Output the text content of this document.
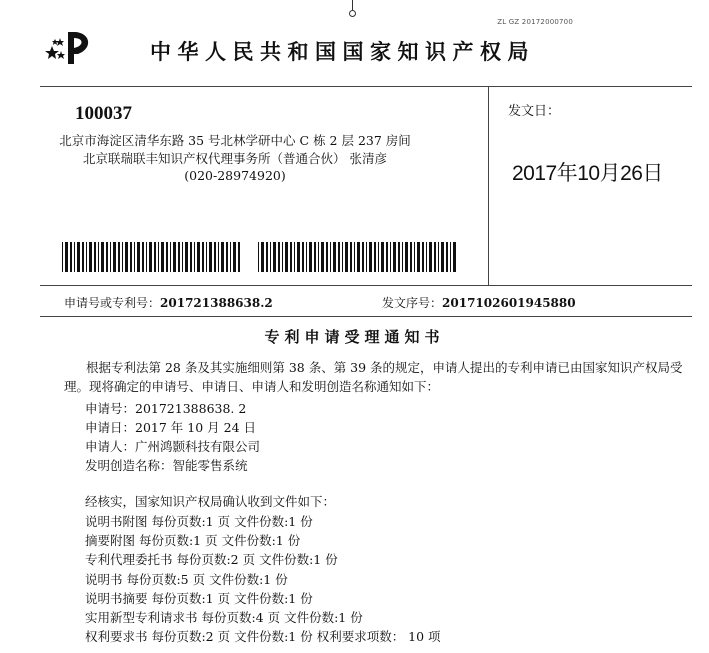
ZL GZ 20172000700
中华人民共和国国家知识产权局
100037
北京市海淀区清华东路 35 号北林学研中心 C 栋 2 层 237 房间
北京联瑞联丰知识产权代理事务所（普通合伙） 张清彦
(020-28974920)
发文日：
2017年10月26日
申请号或专利号：201721388638.2	发文序号：2017102601945880
专利申请受理通知书
根据专利法第 28 条及其实施细则第 38 条、第 39 条的规定，申请人提出的专利申请已由国家知识产权局受理。现将确定的申请号、申请日、申请人和发明创造名称通知如下：
申请号：201721388638. 2
申请日：2017 年 10 月 24 日
申请人：广州鸿颢科技有限公司
发明创造名称：智能零售系统
经核实，国家知识产权局确认收到文件如下：
说明书附图 每份页数:1 页 文件份数:1 份
摘要附图 每份页数:1 页 文件份数:1 份
专利代理委托书 每份页数:2 页 文件份数:1 份
说明书 每份页数:5 页 文件份数:1 份
说明书摘要 每份页数:1 页 文件份数:1 份
实用新型专利请求书 每份页数:4 页 文件份数:1 份
权利要求书 每份页数:2 页 文件份数:1 份 权利要求项数： 10 项
